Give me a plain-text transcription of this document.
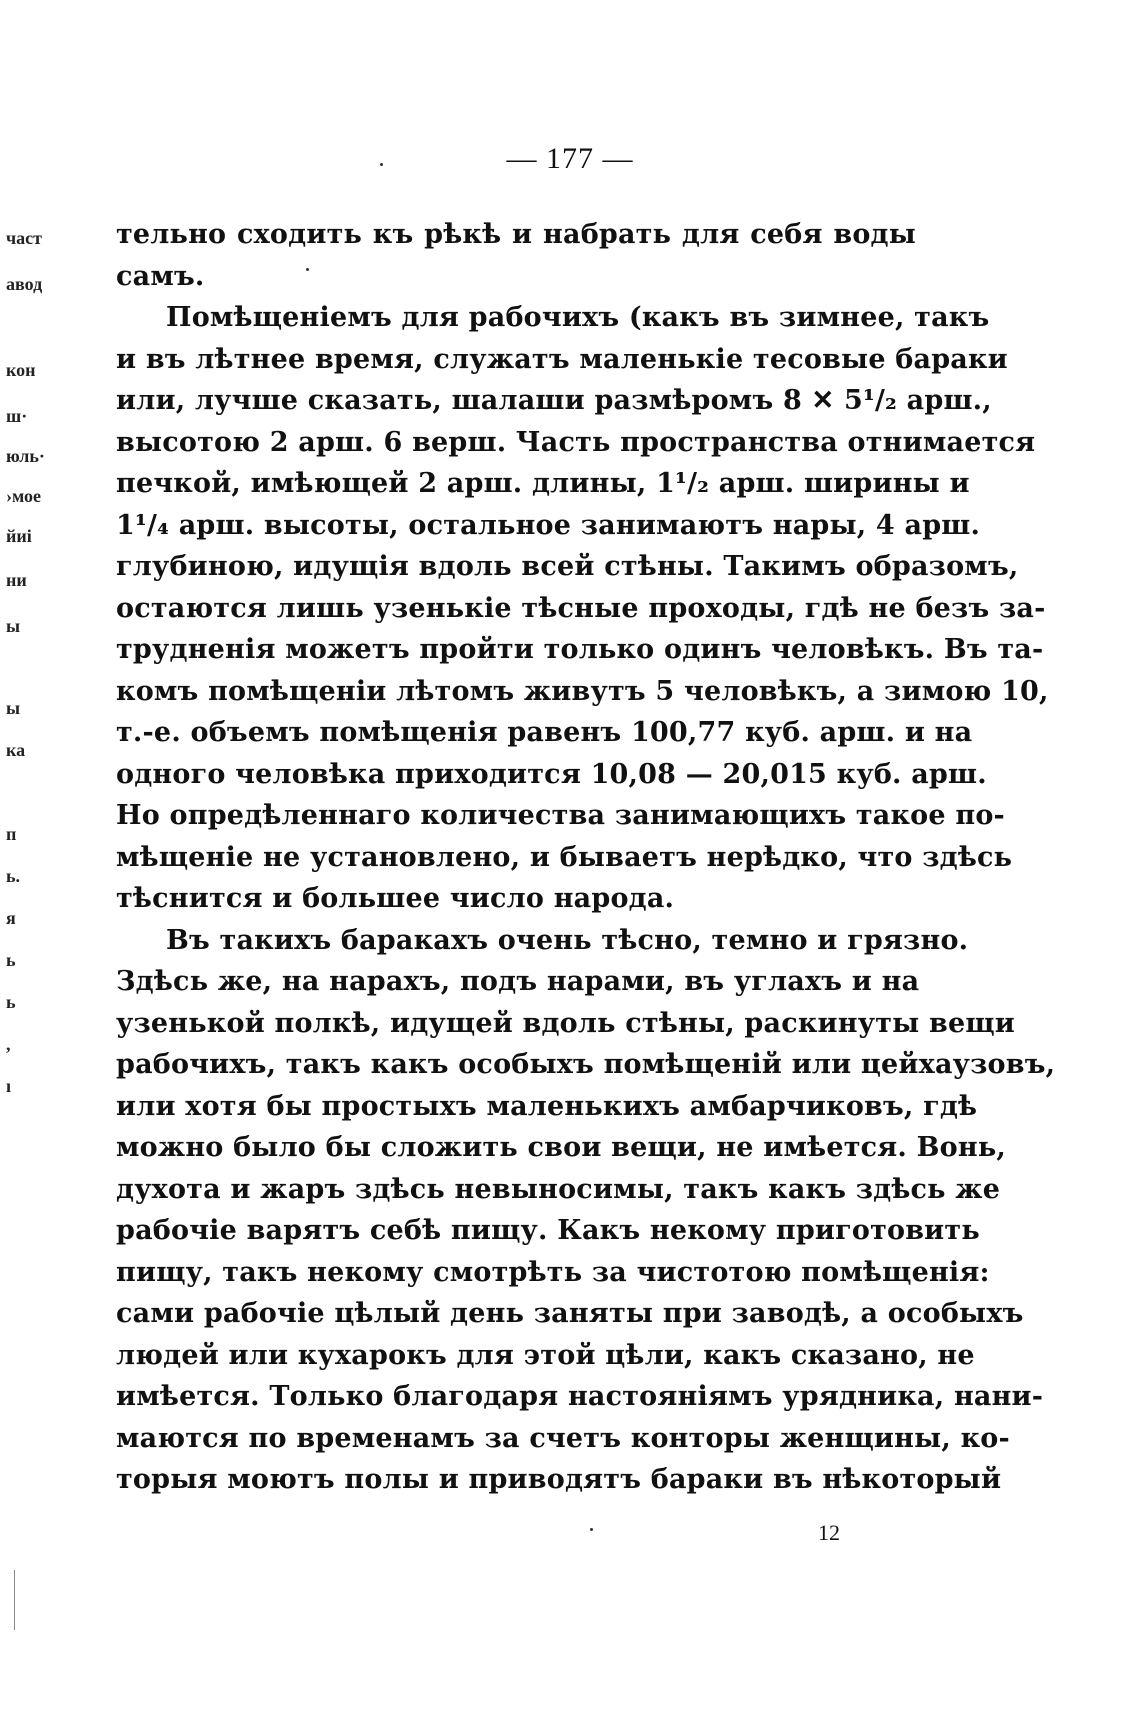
— 177 —
част
авод
кон
ш·
юль·
›мое
йиi
ни
ы
ы
ка
п
ь.
я
ь
ь
,
ı
тельно сходить къ рѣкѣ и набрать для себя воды
самъ.
Помѣщеніемъ для рабочихъ (какъ въ зимнее, такъ
и въ лѣтнее время, служатъ маленькіе тесовые бараки
или, лучше сказать, шалаши размѣромъ 8 ✕ 5¹/₂ арш.,
высотою 2 арш. 6 верш. Часть пространства отнимается
печкой, имѣющей 2 арш. длины, 1¹/₂ арш. ширины и
1¹/₄ арш. высоты, остальное занимаютъ нары, 4 арш.
глубиною, идущія вдоль всей стѣны. Такимъ образомъ,
остаются лишь узенькіе тѣсные проходы, гдѣ не безъ за-
трудненія можетъ пройти только одинъ человѣкъ. Въ та-
комъ помѣщеніи лѣтомъ живутъ 5 человѣкъ, а зимою 10,
т.-е. объемъ помѣщенія равенъ 100,77 куб. арш. и на
одного человѣка приходится 10,08 — 20,015 куб. арш.
Но опредѣленнаго количества занимающихъ такое по-
мѣщеніе не установлено, и бываетъ нерѣдко, что здѣсь
тѣснится и большее число народа.
Въ такихъ баракахъ очень тѣсно, темно и грязно.
Здѣсь же, на нарахъ, подъ нарами, въ углахъ и на
узенькой полкѣ, идущей вдоль стѣны, раскинуты вещи
рабочихъ, такъ какъ особыхъ помѣщеній или цейхаузовъ,
или хотя бы простыхъ маленькихъ амбарчиковъ, гдѣ
можно было бы сложить свои вещи, не имѣется. Вонь,
духота и жаръ здѣсь невыносимы, такъ какъ здѣсь же
рабочіе варятъ себѣ пищу. Какъ некому приготовить
пищу, такъ некому смотрѣть за чистотою помѣщенія:
сами рабочіе цѣлый день заняты при заводѣ, а особыхъ
людей или кухарокъ для этой цѣли, какъ сказано, не
имѣется. Только благодаря настояніямъ урядника, нани-
маются по временамъ за счетъ конторы женщины, ко-
торыя моютъ полы и приводятъ бараки въ нѣкоторый
12
